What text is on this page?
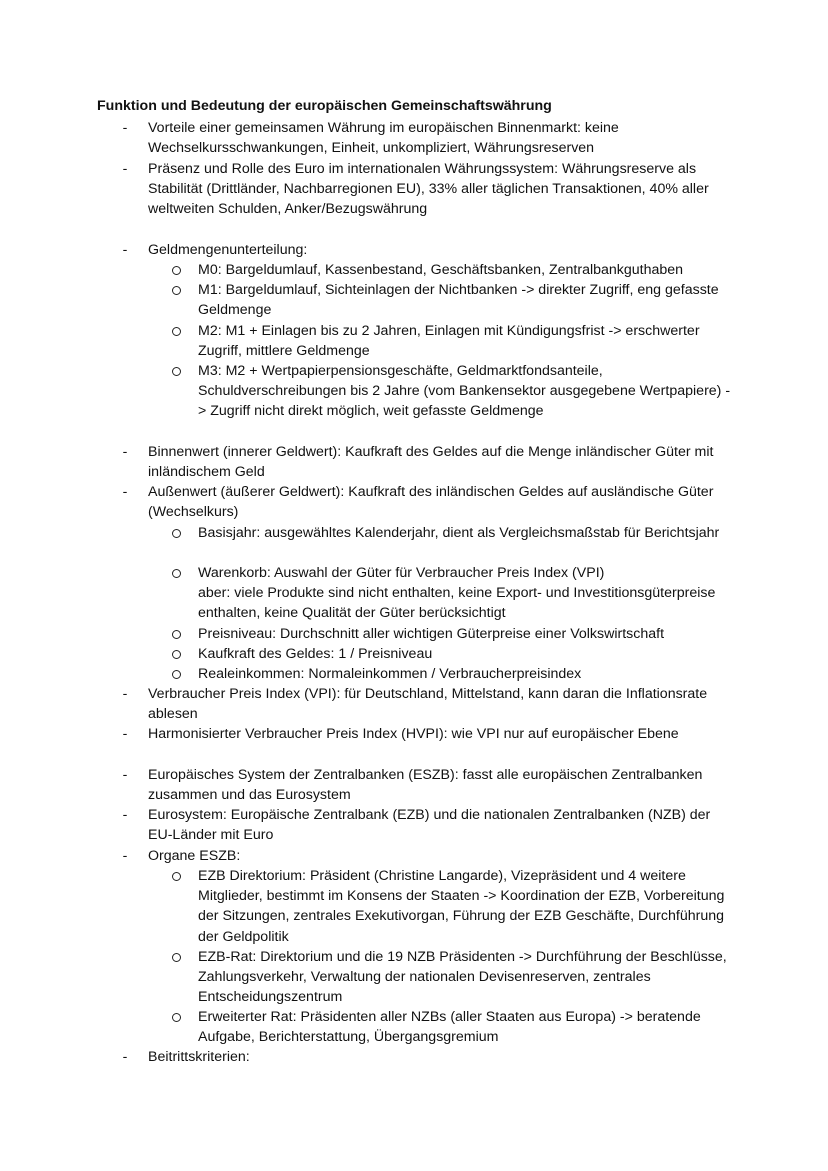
Funktion und Bedeutung der europäischen Gemeinschaftswährung
- Vorteile einer gemeinsamen Währung im europäischen Binnenmarkt: keine Wechselkursschwankungen, Einheit, unkompliziert, Währungsreserven
- Präsenz und Rolle des Euro im internationalen Währungssystem: Währungsreserve als Stabilität (Drittländer, Nachbarregionen EU), 33% aller täglichen Transaktionen, 40% aller weltweiten Schulden, Anker/Bezugswährung
- Geldmengenunterteilung:
M0: Bargeldumlauf, Kassenbestand, Geschäftsbanken, Zentralbankguthaben
M1: Bargeldumlauf, Sichteinlagen der Nichtbanken -> direkter Zugriff, eng gefasste Geldmenge
M2: M1 + Einlagen bis zu 2 Jahren, Einlagen mit Kündigungsfrist -> erschwerter Zugriff, mittlere Geldmenge
M3: M2 + Wertpapierpensionsgeschäfte, Geldmarktfondsanteile, Schuldverschreibungen bis 2 Jahre (vom Bankensektor ausgegebene Wertpapiere) -> Zugriff nicht direkt möglich, weit gefasste Geldmenge
- Binnenwert (innerer Geldwert): Kaufkraft des Geldes auf die Menge inländischer Güter mit inländischem Geld
- Außenwert (äußerer Geldwert): Kaufkraft des inländischen Geldes auf ausländische Güter (Wechselkurs)
Basisjahr: ausgewähltes Kalenderjahr, dient als Vergleichsmaßstab für Berichtsjahr
Warenkorb: Auswahl der Güter für Verbraucher Preis Index (VPI)
aber: viele Produkte sind nicht enthalten, keine Export- und Investitionsgüterpreise enthalten, keine Qualität der Güter berücksichtigt
Preisniveau: Durchschnitt aller wichtigen Güterpreise einer Volkswirtschaft
Kaufkraft des Geldes: 1 / Preisniveau
Realeinkommen: Normaleinkommen / Verbraucherpreisindex
- Verbraucher Preis Index (VPI): für Deutschland, Mittelstand, kann daran die Inflationsrate ablesen
- Harmonisierter Verbraucher Preis Index (HVPI): wie VPI nur auf europäischer Ebene
- Europäisches System der Zentralbanken (ESZB): fasst alle europäischen Zentralbanken zusammen und das Eurosystem
- Eurosystem: Europäische Zentralbank (EZB) und die nationalen Zentralbanken (NZB) der EU-Länder mit Euro
- Organe ESZB:
EZB Direktorium: Präsident (Christine Langarde), Vizepräsident und 4 weitere Mitglieder, bestimmt im Konsens der Staaten -> Koordination der EZB, Vorbereitung der Sitzungen, zentrales Exekutivorgan, Führung der EZB Geschäfte, Durchführung der Geldpolitik
EZB-Rat: Direktorium und die 19 NZB Präsidenten -> Durchführung der Beschlüsse, Zahlungsverkehr, Verwaltung der nationalen Devisenreserven, zentrales Entscheidungszentrum
Erweiterter Rat: Präsidenten aller NZBs (aller Staaten aus Europa) -> beratende Aufgabe, Berichterstattung, Übergangsgremium
- Beitrittskriterien:
